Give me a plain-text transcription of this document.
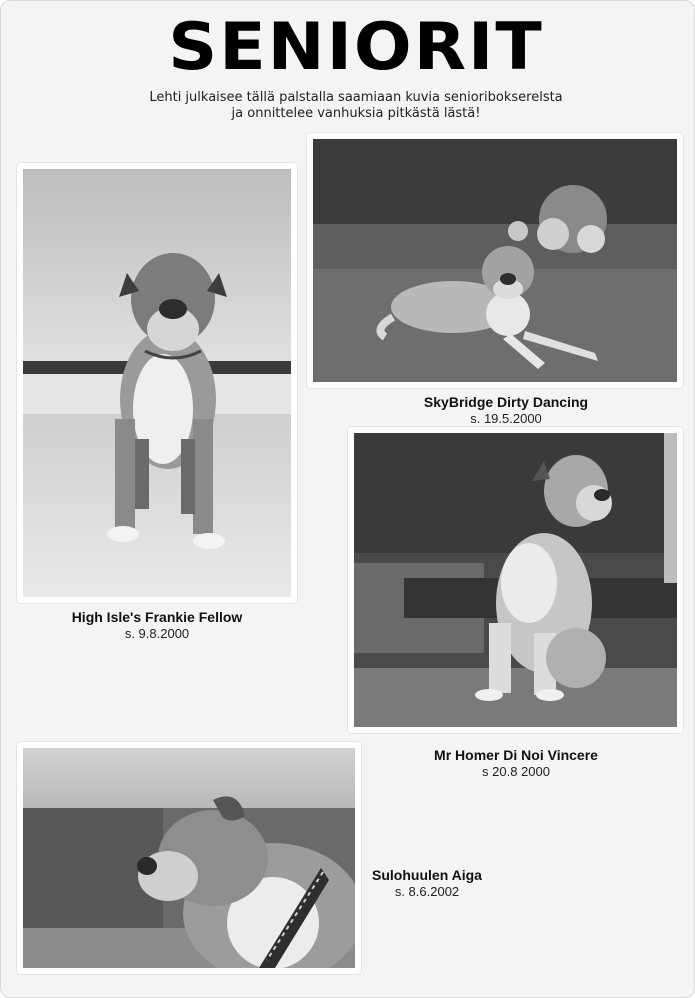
SENIORIT
Lehti julkaisee tällä palstalla saamiaan kuvia senioribokserelsta
ja onnittelee vanhuksia pitkästä lästä!
High Isle's Frankie Fellow
s. 9.8.2000
SkyBridge Dirty Dancing
s. 19.5.2000
Mr Homer Di Noi Vincere
s 20.8 2000
Sulohuulen Aiga
s. 8.6.2002
